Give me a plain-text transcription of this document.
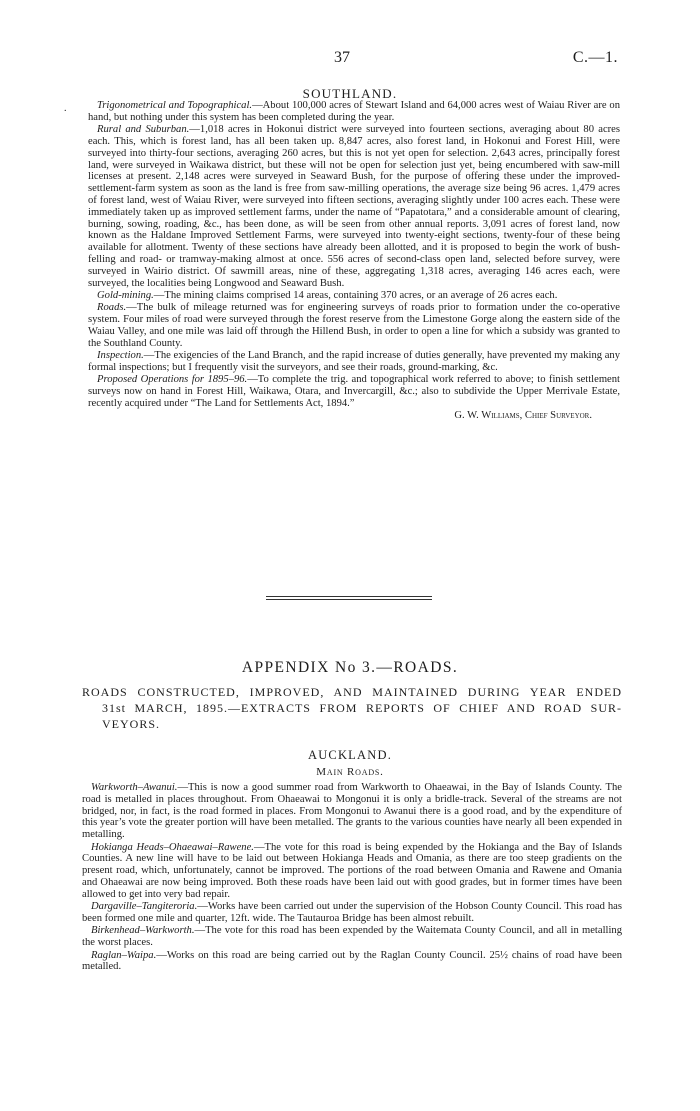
37	C.—1.
SOUTHLAND.
.	Trigonometrical and Topographical.—About 100,000 acres of Stewart Island and 64,000 acres west of Waiau River are on hand, but nothing under this system has been completed during the year.

Rural and Suburban.—1,018 acres in Hokonui district were surveyed into fourteen sections, averaging about 80 acres each. This, which is forest land, has all been taken up. 8,847 acres, also forest land, in Hokonui and Forest Hill, were surveyed into thirty-four sections, averaging 260 acres, but this is not yet open for selection. 2,643 acres, principally forest land, were surveyed in Waikawa district, but these will not be open for selection just yet, being encumbered with saw-mill licenses at present. 2,148 acres were surveyed in Seaward Bush, for the purpose of offering these under the improved-settlement-farm system as soon as the land is free from saw-milling operations, the average size being 96 acres. 1,479 acres of forest land, west of Waiau River, were surveyed into fifteen sections, averaging slightly under 100 acres each. These were immediately taken up as improved settlement farms, under the name of “Papatotara,” and a considerable amount of clearing, burning, sowing, roading, &c., has been done, as will be seen from other annual reports. 3,091 acres of forest land, now known as the Haldane Improved Settlement Farms, were surveyed into twenty-eight sections, twenty-four of these being available for allotment. Twenty of these sections have already been allotted, and it is proposed to begin the work of bush-felling and road- or tramway-making almost at once. 556 acres of second-class open land, selected before survey, were surveyed in Wairio district. Of sawmill areas, nine of these, aggregating 1,318 acres, averaging 146 acres each, were surveyed, the localities being Longwood and Seaward Bush.

Gold-mining.—The mining claims comprised 14 areas, containing 370 acres, or an average of 26 acres each.

Roads.—The bulk of mileage returned was for engineering surveys of roads prior to formation under the co-operative system. Four miles of road were surveyed through the forest reserve from the Limestone Gorge along the eastern side of the Waiau Valley, and one mile was laid off through the Hillend Bush, in order to open a line for which a subsidy was granted to the Southland County.

Inspection.—The exigencies of the Land Branch, and the rapid increase of duties generally, have prevented my making any formal inspections; but I frequently visit the surveyors, and see their roads, ground-marking, &c.

Proposed Operations for 1895–96.—To complete the trig. and topographical work referred to above; to finish settlement surveys now on hand in Forest Hill, Waikawa, Otara, and Invercargill, &c.; also to subdivide the Upper Merrivale Estate, recently acquired under “The Land for Settlements Act, 1894.”

G. W. Williams, Chief Surveyor.

APPENDIX No 3.—ROADS.
ROADS CONSTRUCTED, IMPROVED, AND MAINTAINED DURING YEAR ENDED
31st MARCH, 1895.—EXTRACTS FROM REPORTS OF CHIEF AND ROAD SUR-
VEYORS.
AUCKLAND.
Main Roads.

Warkworth–Awanui.—This is now a good summer road from Warkworth to Ohaeawai, in the Bay of Islands County. The road is metalled in places throughout. From Ohaeawai to Mongonui it is only a bridle-track. Several of the streams are not bridged, nor, in fact, is the road formed in places. From Mongonui to Awanui there is a good road, and by the expenditure of this year’s vote the greater portion will have been metalled. The grants to the various counties have nearly all been expended in metalling.

Hokianga Heads–Ohaeawai–Rawene.—The vote for this road is being expended by the Hokianga and the Bay of Islands Counties. A new line will have to be laid out between Hokianga Heads and Omania, as there are too steep gradients on the present road, which, unfortunately, cannot be improved. The portions of the road between Omania and Rawene and Omania and Ohaeawai are now being improved. Both these roads have been laid out with good grades, but in former times have been allowed to get into very bad repair.

Dargaville–Tangiteroria.—Works have been carried out under the supervision of the Hobson County Council. This road has been formed one mile and quarter, 12ft. wide. The Tautauroa Bridge has been almost rebuilt.

Birkenhead–Warkworth.—The vote for this road has been expended by the Waitemata County Council, and all in metalling the worst places.

Raglan–Waipa.—Works on this road are being carried out by the Raglan County Council. 25½ chains of road have been metalled.
